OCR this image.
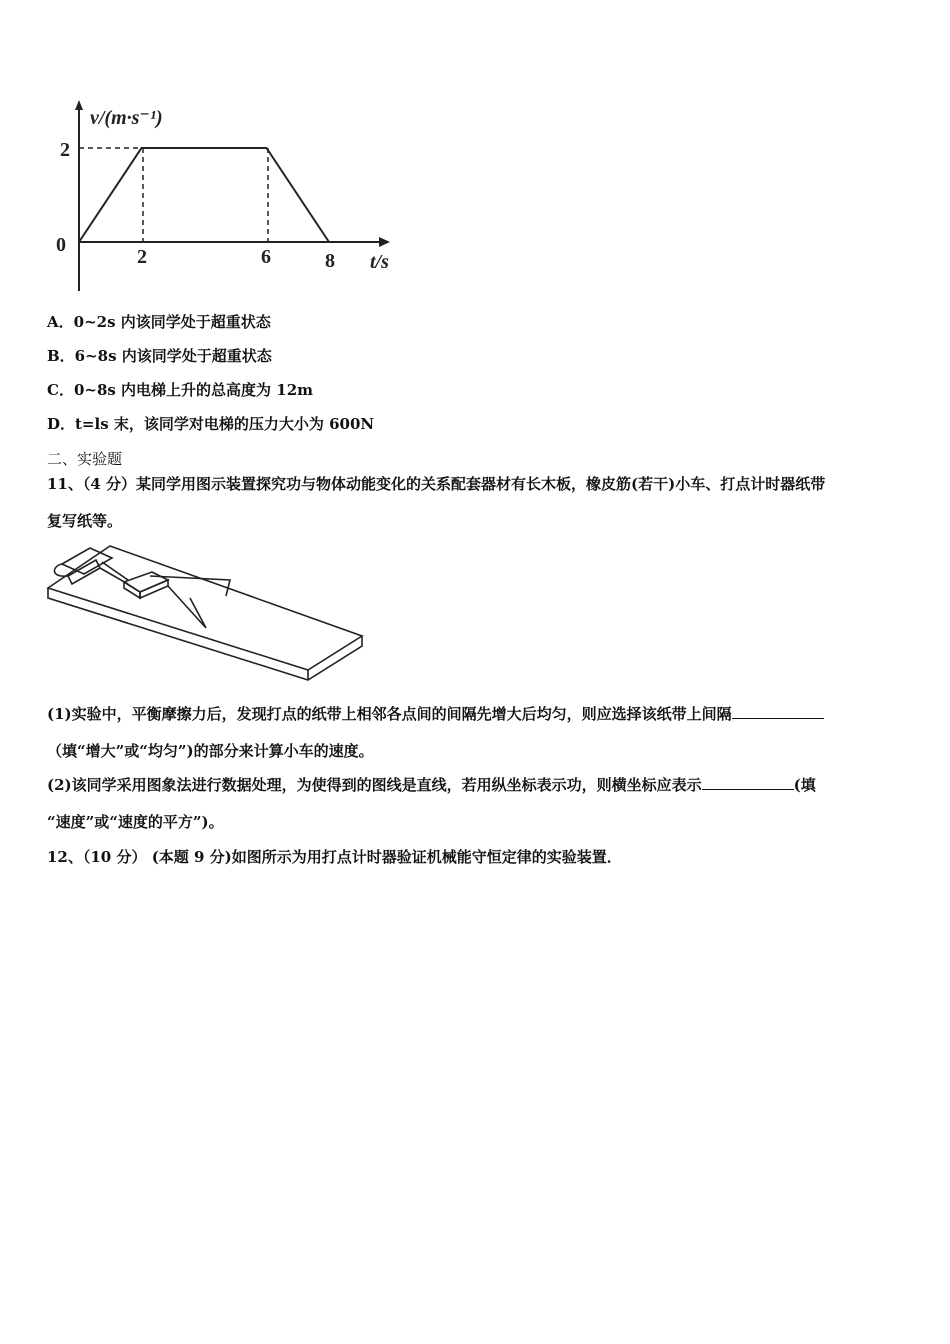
v/(m·s⁻¹)
t/s
0
2
2	6	8
A．0~2s 内该同学处于超重状态
B．6~8s 内该同学处于超重状态
C．0~8s 内电梯上升的总高度为 12m
D．t=ls 末，该同学对电梯的压力大小为 600N
二、实验题
11、（4 分）某同学用图示装置探究功与物体动能变化的关系配套器材有长木板，橡皮筋(若干)小车、打点计时器纸带
复写纸等。
(1)实验中，平衡摩擦力后，发现打点的纸带上相邻各点间的间隔先增大后均匀，则应选择该纸带上间隔
（填“增大”或“均匀”)的部分来计算小车的速度。
(2)该同学采用图象法进行数据处理，为使得到的图线是直线，若用纵坐标表示功，则横坐标应表示	(填
“速度”或“速度的平方”)。
12、（10 分） (本题 9 分)如图所示为用打点计时器验证机械能守恒定律的实验装置．
